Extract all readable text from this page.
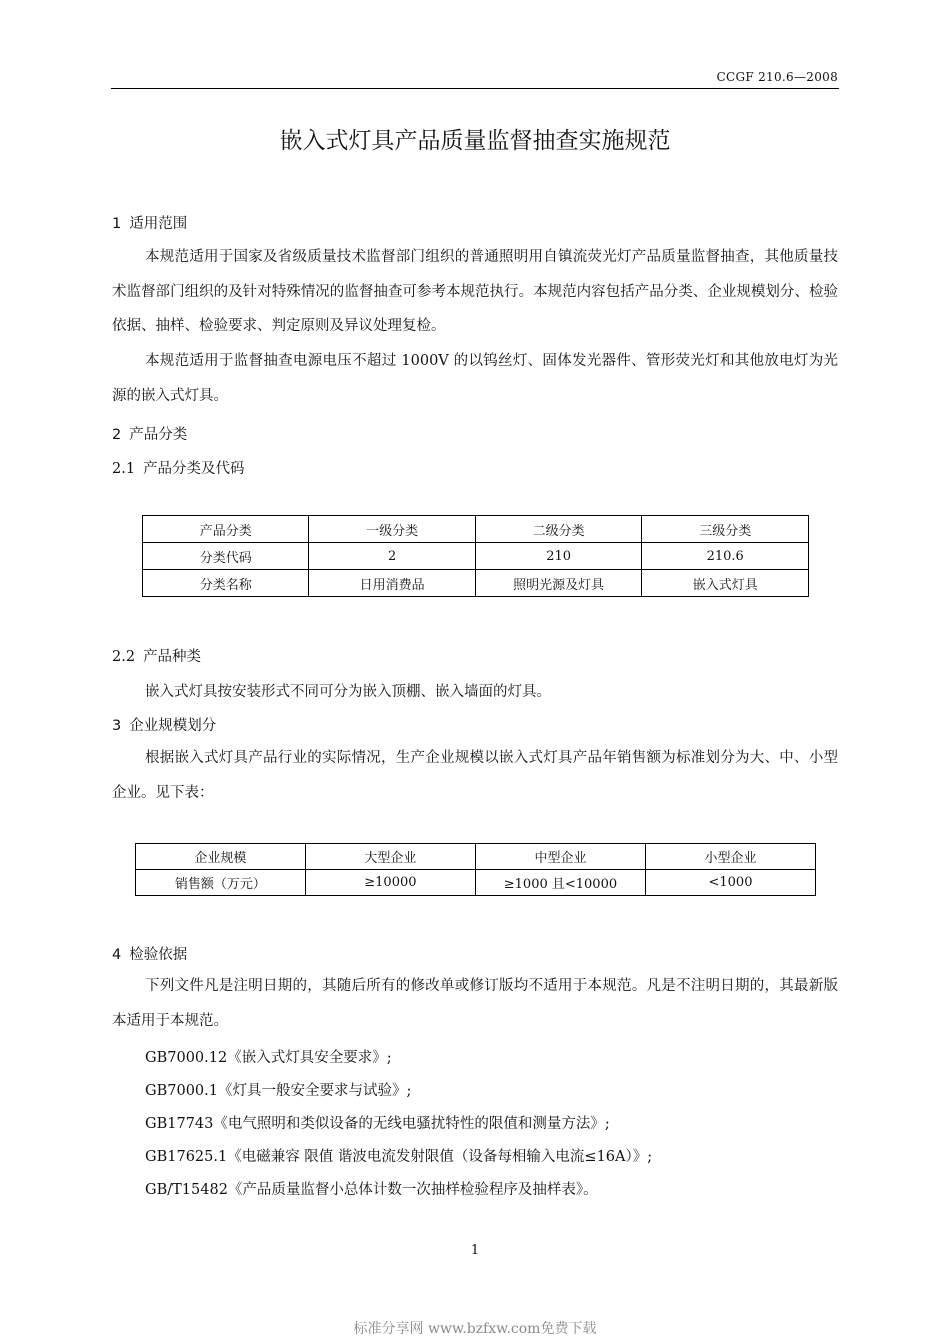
CCGF 210.6—2008
嵌入式灯具产品质量监督抽查实施规范
1 适用范围
本规范适用于国家及省级质量技术监督部门组织的普通照明用自镇流荧光灯产品质量监督抽查，其他质量技术监督部门组织的及针对特殊情况的监督抽查可参考本规范执行。本规范内容包括产品分类、企业规模划分、检验依据、抽样、检验要求、判定原则及异议处理复检。
本规范适用于监督抽查电源电压不超过 1000V 的以钨丝灯、固体发光器件、管形荧光灯和其他放电灯为光源的嵌入式灯具。
2 产品分类
2.1 产品分类及代码
产品分类	一级分类	二级分类	三级分类
分类代码	2	210	210.6
分类名称	日用消费品	照明光源及灯具	嵌入式灯具
2.2 产品种类
嵌入式灯具按安装形式不同可分为嵌入顶棚、嵌入墙面的灯具。
3 企业规模划分
根据嵌入式灯具产品行业的实际情况，生产企业规模以嵌入式灯具产品年销售额为标准划分为大、中、小型企业。见下表：
企业规模	大型企业	中型企业	小型企业
销售额（万元）	≥10000	≥1000 且<10000	<1000
4 检验依据
下列文件凡是注明日期的，其随后所有的修改单或修订版均不适用于本规范。凡是不注明日期的，其最新版本适用于本规范。
GB7000.12《嵌入式灯具安全要求》;
GB7000.1《灯具一般安全要求与试验》;
GB17743《电气照明和类似设备的无线电骚扰特性的限值和测量方法》;
GB17625.1《电磁兼容 限值 谐波电流发射限值（设备每相输入电流≤16A）》;
GB/T15482《产品质量监督小总体计数一次抽样检验程序及抽样表》。
1
标准分享网 www.bzfxw.com免费下载
